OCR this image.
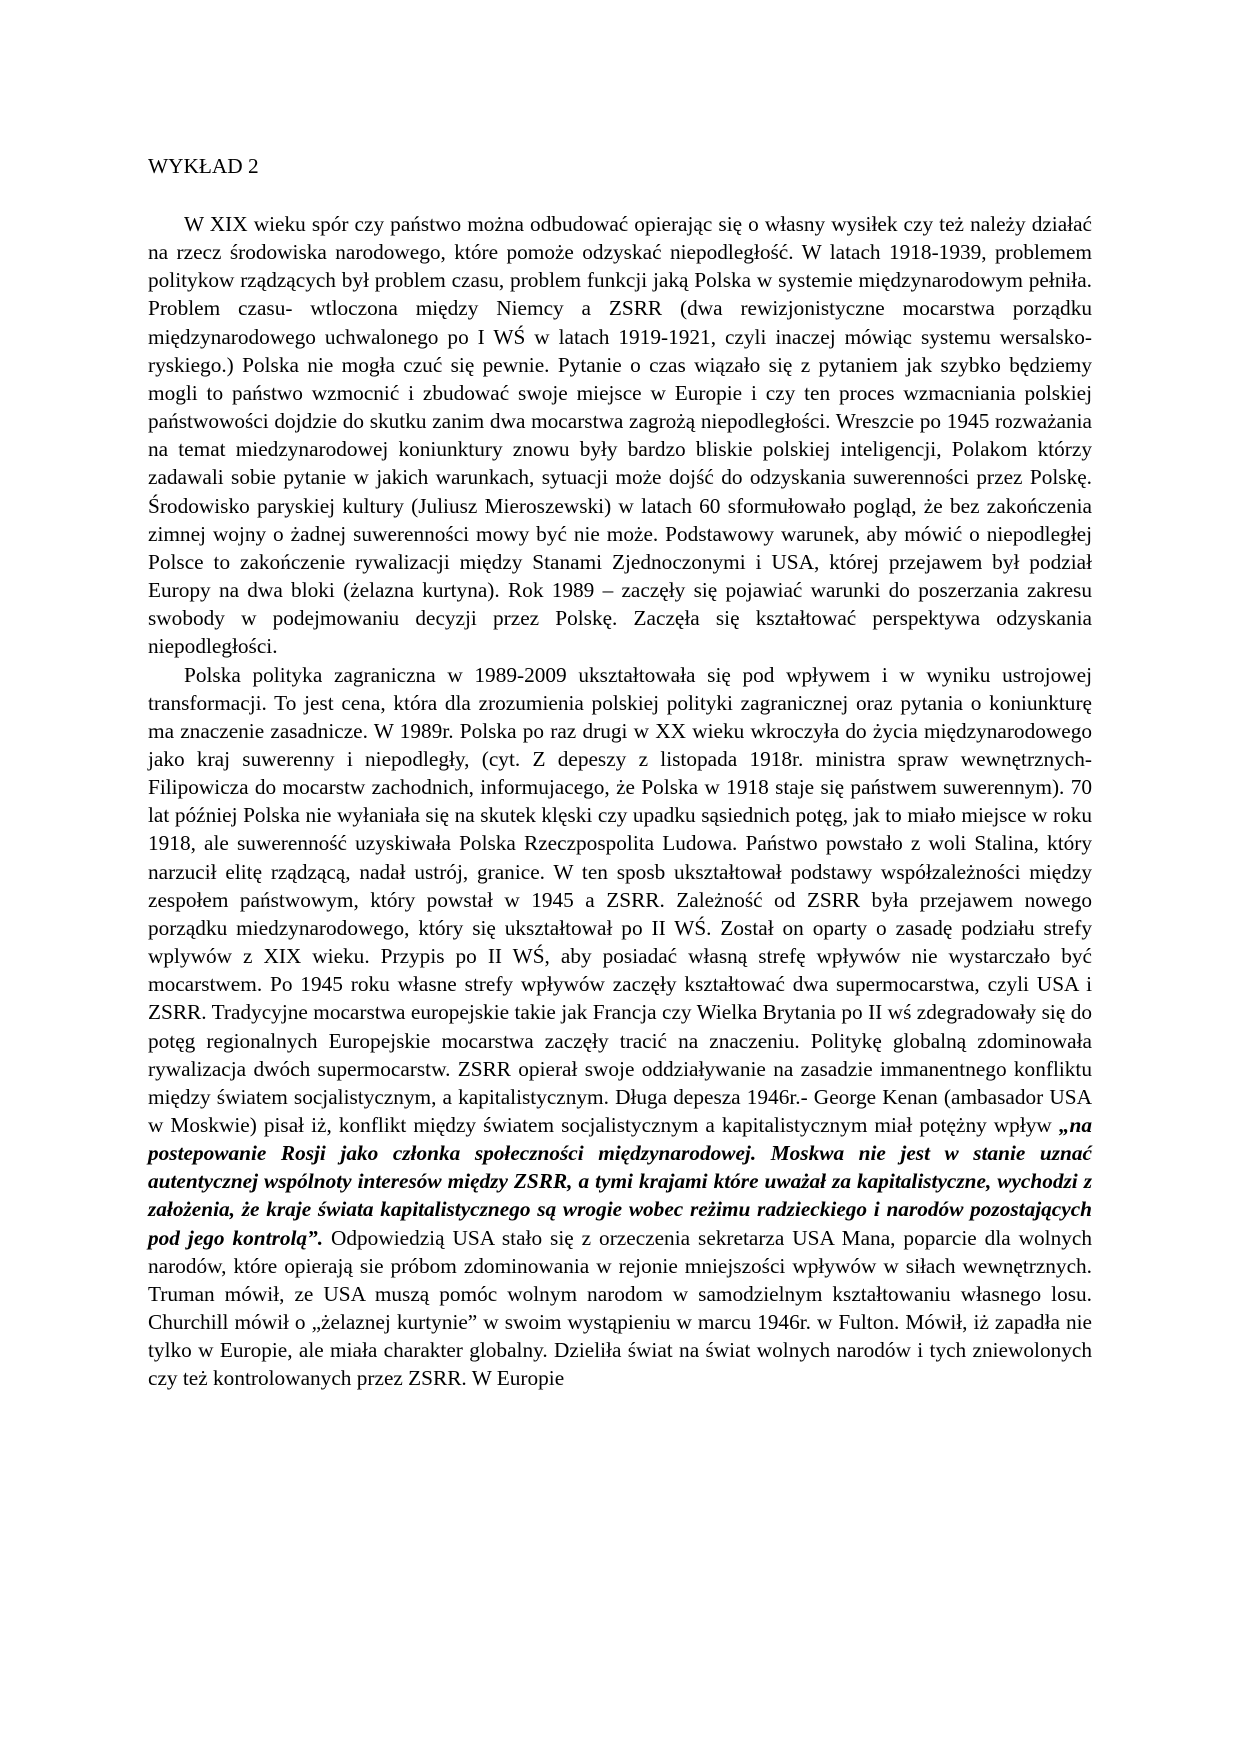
WYKŁAD 2

W XIX wieku spór czy państwo można odbudować opierając się o własny wysiłek czy też należy działać na rzecz środowiska narodowego, które pomoże odzyskać niepodległość. W latach 1918-1939, problemem politykow rządzących był problem czasu, problem funkcji jaką Polska w systemie międzynarodowym pełniła. Problem czasu- wtloczona między Niemcy a ZSRR (dwa rewizjonistyczne mocarstwa porządku międzynarodowego uchwalonego po I WŚ w latach 1919-1921, czyli inaczej mówiąc systemu wersalsko-ryskiego.) Polska nie mogła czuć się pewnie. Pytanie o czas wiązało się z pytaniem jak szybko będziemy mogli to państwo wzmocnić i zbudować swoje miejsce w Europie i czy ten proces wzmacniania polskiej państwowości dojdzie do skutku zanim dwa mocarstwa zagrożą niepodległości. Wreszcie po 1945 rozważania na temat miedzynarodowej koniunktury znowu były bardzo bliskie polskiej inteligencji, Polakom którzy zadawali sobie pytanie w jakich warunkach, sytuacji może dojść do odzyskania suwerenności przez Polskę. Środowisko paryskiej kultury (Juliusz Mieroszewski) w latach 60 sformułowało pogląd, że bez zakończenia zimnej wojny o żadnej suwerenności mowy być nie może. Podstawowy warunek, aby mówić o niepodległej Polsce to zakończenie rywalizacji między Stanami Zjednoczonymi i USA, której przejawem był podział Europy na dwa bloki (żelazna kurtyna). Rok 1989 – zaczęły się pojawiać warunki do poszerzania zakresu swobody w podejmowaniu decyzji przez Polskę. Zaczęła się kształtować perspektywa odzyskania niepodległości.

Polska polityka zagraniczna w 1989-2009 ukształtowała się pod wpływem i w wyniku ustrojowej transformacji. To jest cena, która dla zrozumienia polskiej polityki zagranicznej oraz pytania o koniunkturę ma znaczenie zasadnicze. W 1989r. Polska po raz drugi w XX wieku wkroczyła do życia międzynarodowego jako kraj suwerenny i niepodległy, (cyt. Z depeszy z listopada 1918r. ministra spraw wewnętrznych- Filipowicza do mocarstw zachodnich, informujacego, że Polska w 1918 staje się państwem suwerennym). 70 lat później Polska nie wyłaniała się na skutek klęski czy upadku sąsiednich potęg, jak to miało miejsce w roku 1918, ale suwerenność uzyskiwała Polska Rzeczpospolita Ludowa. Państwo powstało z woli Stalina, który narzucił elitę rządzącą, nadał ustrój, granice. W ten sposb ukształtował podstawy współzależności między zespołem państwowym, który powstał w 1945 a ZSRR. Zależność od ZSRR była przejawem nowego porządku miedzynarodowego, który się ukształtował po II WŚ. Został on oparty o zasadę podziału strefy wplywów z XIX wieku. Przypis po II WŚ, aby posiadać własną strefę wpływów nie wystarczało być mocarstwem. Po 1945 roku własne strefy wpływów zaczęły kształtować dwa supermocarstwa, czyli USA i ZSRR. Tradycyjne mocarstwa europejskie takie jak Francja czy Wielka Brytania po II wś zdegradowały się do potęg regionalnych Europejskie mocarstwa zaczęły tracić na znaczeniu. Politykę globalną zdominowała rywalizacja dwóch supermocarstw. ZSRR opierał swoje oddziaływanie na zasadzie immanentnego konfliktu między światem socjalistycznym, a kapitalistycznym. Długa depesza 1946r.- George Kenan (ambasador USA w Moskwie) pisał iż, konflikt między światem socjalistycznym a kapitalistycznym miał potężny wpływ „na postepowanie Rosji jako członka społeczności międzynarodowej. Moskwa nie jest w stanie uznać autentycznej wspólnoty interesów między ZSRR, a tymi krajami które uważał za kapitalistyczne, wychodzi z założenia, że kraje świata kapitalistycznego są wrogie wobec reżimu radzieckiego i narodów pozostających pod jego kontrolą”. Odpowiedzią USA stało się z orzeczenia sekretarza USA Mana, poparcie dla wolnych narodów, które opierają sie próbom zdominowania w rejonie mniejszości wpływów w siłach wewnętrznych. Truman mówił, ze USA muszą pomóc wolnym narodom w samodzielnym kształtowaniu własnego losu. Churchill mówił o „żelaznej kurtynie” w swoim wystąpieniu w marcu 1946r. w Fulton. Mówił, iż zapadła nie tylko w Europie, ale miała charakter globalny. Dzieliła świat na świat wolnych narodów i tych zniewolonych czy też kontrolowanych przez ZSRR. W Europie
